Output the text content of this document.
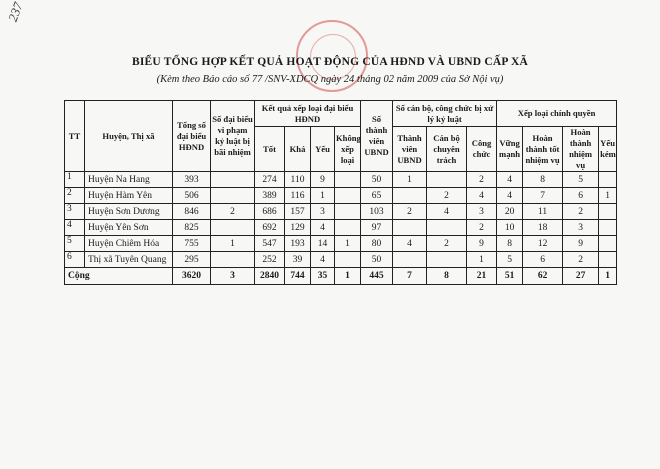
237
BIỂU TỔNG HỢP KẾT QUẢ HOẠT ĐỘNG CỦA HĐND VÀ UBND CẤP XÃ
(Kèm theo Báo cáo số 77 /SNV-XDCQ ngày 24 tháng 02 năm 2009 của Sở Nội vụ)
TT	Huyện, Thị xã	Tổng số đại biểu HĐND	Số đại biểu vi phạm kỷ luật bị bãi nhiệm	Kết quả xếp loại đại biểu HĐND				Số thành viên UBND	Số cán bộ, công chức bị xử lý kỷ luật			Xếp loại chính quyền			
				Tốt	Khá	Yếu	Không xếp loại		Thành viên UBND	Cán bộ chuyên trách	Công chức	Vững mạnh	Hoàn thành tốt nhiệm vụ	Hoàn thành nhiệm vụ	Yếu kém
1	Huyện Na Hang	393		274	110	9		50	1		2	4	8	5	
2	Huyện Hàm Yên	506		389	116	1		65		2	4	4	7	6	1
3	Huyện Sơn Dương	846	2	686	157	3		103	2	4	3	20	11	2	
4	Huyện Yên Sơn	825		692	129	4		97			2	10	18	3	
5	Huyện Chiêm Hóa	755	1	547	193	14	1	80	4	2	9	8	12	9	
6	Thị xã Tuyên Quang	295		252	39	4		50			1	5	6	2	
Cộng		3620	3	2840	744	35	1	445	7	8	21	51	62	27	1
